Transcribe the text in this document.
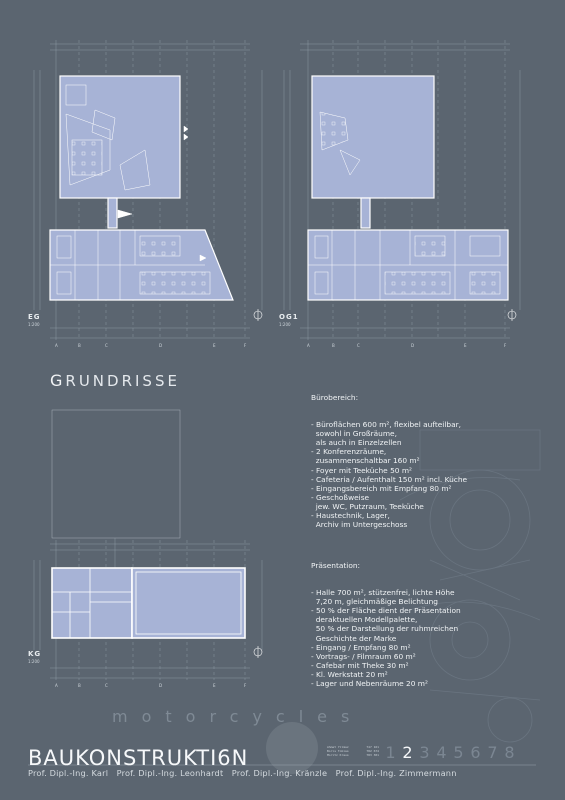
A	B	C	D	E	F	A	B	C	D	E	F
A	B	C	D	E	F
EG
1:200
OG1
1:200
KG
1:200
GRUNDRISSE
Bürobereich:
- Büroflächen 600 m², flexibel aufteilbar,
sowohl in Großräume,
als auch in Einzelzellen
- 2 Konferenzräume,
zusammenschaltbar 160 m²
- Foyer mit Teeküche 50 m²
- Cafeteria / Aufenthalt 150 m² incl. Küche
- Eingangsbereich mit Empfang 80 m²
- Geschoßweise
jew. WC, Putzraum, Teeküche
- Haustechnik, Lager,
Archiv im Untergeschoss
Präsentation:
- Halle 700 m², stützenfrei, lichte Höhe
7,20 m, gleichmäßige Belichtung
- 50 % der Fläche dient der Präsentation
deraktuellen Modellpalette,
50 % der Darstellung der ruhmreichen
Geschichte der Marke
- Eingang / Empfang 80 m²
- Vortrags- / Filmraum 60 m²
- Cafebar mit Theke 30 m²
- Kl. Werkstatt 20 m²
- Lager und Nebenräume 20 m²
motorcycles
BAUKONSTRUKTI6N
Prof. Dipl.-Ing. Karl   Prof. Dipl.-Ing. Leonhardt   Prof. Dipl.-Ing. Kränzle   Prof. Dipl.-Ing. Zimmermann
Ahmet Yilmaz	747 161
Boris Tobias	782 674
Moritz Kraus	783 301 1 2 3 4 5 6 7 8
